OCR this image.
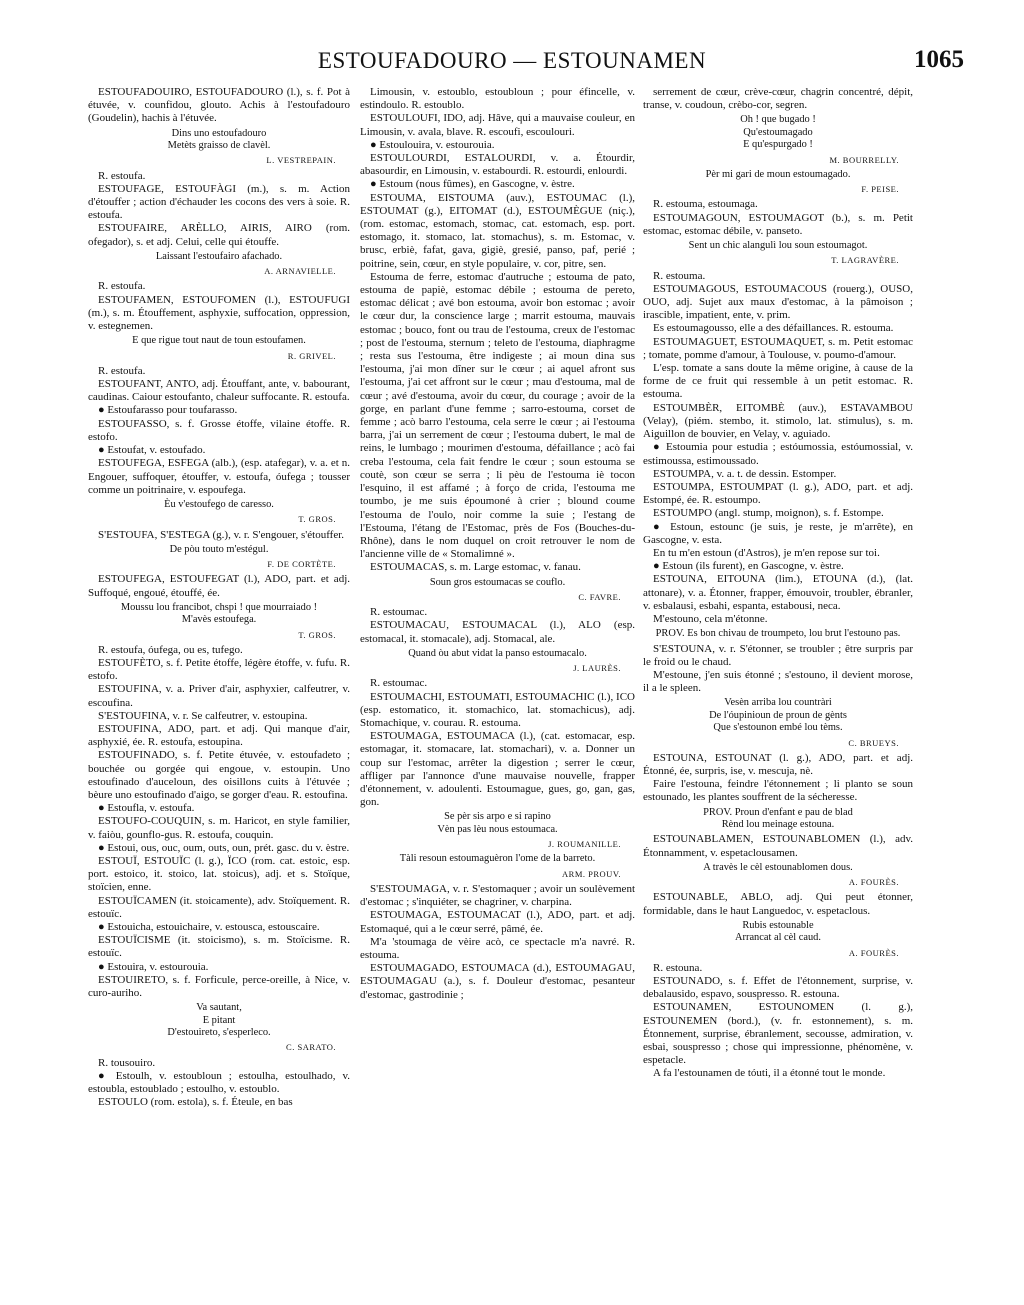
ESTOUFADOURO — ESTOUNAMEN	1065
ESTOUFADOUIRO, ESTOUFADOURO (l.), s. f. Pot à étuvée, v. counfidou, glouto. Achis à l'estoufadouro (Goudelin), hachis à l'étuvée.
Dins uno estoufadouro
Metèts graisso de clavèl.
L. VESTREPAIN.
R. estoufa.
ESTOUFAGE, ESTOUFÀGI (m.), s. m. Action d'étouffer ; action d'échauder les cocons des vers à soie. R. estoufa.
ESTOUFAIRE, ARÈLLO, AIRIS, AIRO (rom. ofegador), s. et adj. Celui, celle qui étouffe.
Laissant l'estoufairo afachado.
A. ARNAVIELLE.
R. estoufa.
ESTOUFAMEN, ESTOUFOMEN (l.), ESTOUFUGI (m.), s. m. Étouffement, asphyxie, suffocation, oppression, v. estegnemen.
E que rigue tout naut de toun estoufamen.
R. GRIVEL.
R. estoufa.
ESTOUFANT, ANTO, adj. Étouffant, ante, v. babourant, caudinas. Caiour estoufanto, chaleur suffocante. R. estoufa.
● Estoufarasso pour toufarasso.
ESTOUFASSO, s. f. Grosse étoffe, vilaine étoffe. R. estofo.
● Estoufat, v. estoufado.
ESTOUFEGA, ESFEGA (alb.), (esp. atafegar), v. a. et n. Engouer, suffoquer, étouffer, v. estoufa, óufega ; tousser comme un poitrinaire, v. espoufega.
Èu v'estoufego de caresso.
T. GROS.
S'ESTOUFA, S'ESTEGA (g.), v. r. S'engouer, s'étouffer.
De pòu touto m'estégul.
F. DE CORTÈTE.
ESTOUFEGA, ESTOUFEGAT (l.), ADO, part. et adj. Suffoqué, engoué, étouffé, ée.
Moussu lou francibot, chspi ! que mourraiado !
M'avès estoufega.
T. GROS.
R. estoufa, óufega, ou es, tufego.
ESTOUFÈTO, s. f. Petite étoffe, légère étoffe, v. fufu. R. estofo.
ESTOUFINA, v. a. Priver d'air, asphyxier, calfeutrer, v. escoufina.
S'ESTOUFINA, v. r. Se calfeutrer, v. estoupina.
ESTOUFINA, ADO, part. et adj. Qui manque d'air, asphyxié, ée. R. estoufa, estoupina.
ESTOUFINADO, s. f. Petite étuvée, v. estoufadeto ; bouchée ou gorgée qui engoue, v. estoupin. Uno estoufinado d'auceloun, des oisillons cuits à l'étuvée ; bèure uno estoufinado d'aigo, se gorger d'eau. R. estoufina.
● Estoufla, v. estoufa.
ESTOUFO-COUQUIN, s. m. Haricot, en style familier, v. faiòu, gounflo-gus. R. estoufa, couquin.
● Estoui, ous, ouc, oum, outs, oun, prét. gasc. du v. èstre.
ESTOUÏ, ESTOUÏC (l. g.), ÏCO (rom. cat. estoic, esp. port. estoico, it. stoico, lat. stoicus), adj. et s. Stoïque, stoïcien, enne.
ESTOUÏCAMEN (it. stoicamente), adv. Stoïquement. R. estouïc.
● Estouicha, estouichaire, v. estousca, estouscaire.
ESTOUÏCISME (it. stoicismo), s. m. Stoïcisme. R. estouïc.
● Estouira, v. estourouia.
ESTOUIRETO, s. f. Forficule, perce-oreille, à Nice, v. curo-auriho.
Va sautant,
E pitant
D'estouireto, s'esperleco.
C. SARATO.
R. tousouiro.
● Estoulh, v. estoubloun ; estoulha, estoulhado, v. estoubla, estoublado ; estoulho, v. estoublo.
ESTOULO (rom. estola), s. f. Éteule, en bas
Limousin, v. estoublo, estoubloun ; pour éfincelle, v. estindoulo. R. estoublo.
ESTOULOUFI, IDO, adj. Hâve, qui a mauvaise couleur, en Limousin, v. avala, blave. R. escoufi, escoulouri.
● Estoulouira, v. estourouia.
ESTOULOURDI, ESTALOURDI, v. a. Étourdir, abasourdir, en Limousin, v. estabourdi. R. estourdi, enlourdi.
● Estoum (nous fûmes), en Gascogne, v. èstre.
ESTOUMA, EISTOUMA (auv.), ESTOUMAC (l.), ESTOUMAT (g.), EITOMAT (d.), ESTOUMÈGUE (niç.), (rom. estomac, estomach, stomac, cat. estomach, esp. port. estomago, it. stomaco, lat. stomachus), s. m. Estomac, v. brusc, erbiè, fafat, gava, gigiè, gresié, panso, paf, perié ; poitrine, sein, cœur, en style populaire, v. cor, pitre, sen.
Estouma de ferre, estomac d'autruche ; estouma de pato, estouma de papiè, estomac débile ; estouma de pereto, estomac délicat ; avé bon estouma, avoir bon estomac ; avoir le cœur dur, la conscience large ; marrit estouma, mauvais estomac ; bouco, font ou trau de l'estouma, creux de l'estomac ; post de l'estouma, sternum ; teleto de l'estouma, diaphragme ; resta sus l'estouma, être indigeste ; ai moun dina sus l'estouma, j'ai mon dîner sur le cœur ; ai aquel afront sus l'estouma, j'ai cet affront sur le cœur ; mau d'estouma, mal de cœur ; avé d'estouma, avoir du cœur, du courage ; avoir de la gorge, en parlant d'une femme ; sarro-estouma, corset de femme ; acò barro l'estouma, cela serre le cœur ; ai l'estouma barra, j'ai un serrement de cœur ; l'estouma dubert, le mal de reins, le lumbago ; mourimen d'estouma, défaillance ; acò fai creba l'estouma, cela fait fendre le cœur ; soun estouma se coutè, son cœur se serra ; li pèu de l'estouma iè tocon l'esquino, il est affamé ; à forço de crida, l'estouma me toumbo, je me suis époumoné à crier ; blound coume l'estouma de l'oulo, noir comme la suie ; l'estang de l'Estouma, l'étang de l'Estomac, près de Fos (Bouches-du-Rhône), dans le nom duquel on croit retrouver le nom de l'ancienne ville de « Stomalimné ».
ESTOUMACAS, s. m. Large estomac, v. fanau.
Soun gros estoumacas se couflo.
C. FAVRE.
R. estoumac.
ESTOUMACAU, ESTOUMACAL (l.), ALO (esp. estomacal, it. stomacale), adj. Stomacal, ale.
Quand òu abut vidat la panso estoumacalo.
J. LAURÈS.
R. estoumac.
ESTOUMACHI, ESTOUMATI, ESTOUMACHIC (l.), ICO (esp. estomatico, it. stomachico, lat. stomachicus), adj. Stomachique, v. courau. R. estouma.
ESTOUMAGA, ESTOUMACA (l.), (cat. estomacar, esp. estomagar, it. stomacare, lat. stomachari), v. a. Donner un coup sur l'estomac, arrêter la digestion ; serrer le cœur, affliger par l'annonce d'une mauvaise nouvelle, frapper d'étonnement, v. adoulenti. Estoumague, gues, go, gan, gas, gon.
Se pèr sis arpo e si rapino
Vèn pas lèu nous estoumaca.
J. ROUMANILLE.
Tàli resoun estoumaguèron l'ome de la barreto.
ARM. PROUV.
S'ESTOUMAGA, v. r. S'estomaquer ; avoir un soulèvement d'estomac ; s'inquiéter, se chagriner, v. charpina.
ESTOUMAGA, ESTOUMACAT (l.), ADO, part. et adj. Estomaqué, qui a le cœur serré, pâmé, ée.
M'a 'stoumaga de vèire acò, ce spectacle m'a navré. R. estouma.
ESTOUMAGADO, ESTOUMACA (d.), ESTOUMAGAU, ESTOUMAGAU (a.), s. f. Douleur d'estomac, pesanteur d'estomac, gastrodinie ;
serrement de cœur, crève-cœur, chagrin concentré, dépit, transe, v. coudoun, crèbo-cor, segren.
Oh ! que bugado !
Qu'estoumagado
E qu'espurgado !
M. BOURRELLY.
Pèr mi gari de moun estoumagado.
F. PEISE.
R. estouma, estoumaga.
ESTOUMAGOUN, ESTOUMAGOT (b.), s. m. Petit estomac, estomac débile, v. panseto.
Sent un chic alangulì lou soun estoumagot.
T. LAGRAVÈRE.
R. estouma.
ESTOUMAGOUS, ESTOUMACOUS (rouerg.), OUSO, OUO, adj. Sujet aux maux d'estomac, à la pâmoison ; irascible, impatient, ente, v. prim.
Es estoumagousso, elle a des défaillances. R. estouma.
ESTOUMAGUET, ESTOUMAQUET, s. m. Petit estomac ; tomate, pomme d'amour, à Toulouse, v. poumo-d'amour.
L'esp. tomate a sans doute la même origine, à cause de la forme de ce fruit qui ressemble à un petit estomac. R. estouma.
ESTOUMBÈR, EITOMBÈ (auv.), ESTAVAMBOU (Velay), (piém. stembo, it. stimolo, lat. stimulus), s. m. Aiguillon de bouvier, en Velay, v. aguiado.
● Estoumia pour estudia ; estóumossia, estóumossial, v. estimoussa, estimoussado.
ESTOUMPA, v. a. t. de dessin. Estomper.
ESTOUMPA, ESTOUMPAT (l. g.), ADO, part. et adj. Estompé, ée. R. estoumpo.
ESTOUMPO (angl. stump, moignon), s. f. Estompe.
● Estoun, estounc (je suis, je reste, je m'arrête), en Gascogne, v. esta.
En tu m'en estoun (d'Astros), je m'en repose sur toi.
● Estoun (ils furent), en Gascogne, v. èstre.
ESTOUNA, EITOUNA (lim.), ETOUNA (d.), (lat. attonare), v. a. Étonner, frapper, émouvoir, troubler, ébranler, v. esbalausi, esbahi, espanta, estabousi, neca.
M'estouno, cela m'étonne.
PROV. Es bon chivau de troumpeto, lou brut l'estouno pas.
S'ESTOUNA, v. r. S'étonner, se troubler ; être surpris par le froid ou le chaud.
M'estoune, j'en suis étonné ; s'estouno, il devient morose, il a le spleen.
Vesèn arriba lou countràri
De l'óupinioun de proun de gènts
Que s'estounon embé lou tèms.
C. BRUEYS.
ESTOUNA, ESTOUNAT (l. g.), ADO, part. et adj. Étonné, ée, surpris, ise, v. mescuja, nè.
Faire l'estouna, feindre l'étonnement ; li planto se soun estounado, les plantes souffrent de la sécheresse.
PROV. Proun d'enfant e pau de blad
Rènd lou meinage estouna.
ESTOUNABLAMEN, ESTOUNABLOMEN (l.), adv. Étonnamment, v. espetaclousamen.
A travès le cèl estounablomen dous.
A. FOURÈS.
ESTOUNABLE, ABLO, adj. Qui peut étonner, formidable, dans le haut Languedoc, v. espetaclous.
Rubis estounable
Arrancat al cèl caud.
A. FOURÈS.
R. estouna.
ESTOUNADO, s. f. Effet de l'étonnement, surprise, v. debalausido, espavo, souspresso. R. estouna.
ESTOUNAMEN, ESTOUNOMEN (l. g.), ESTOUNEMEN (bord.), (v. fr. estonnement), s. m. Étonnement, surprise, ébranlement, secousse, admiration, v. esbai, souspresso ; chose qui impressionne, phénomène, v. espetacle.
A fa l'estounamen de tóuti, il a étonné tout le monde.
